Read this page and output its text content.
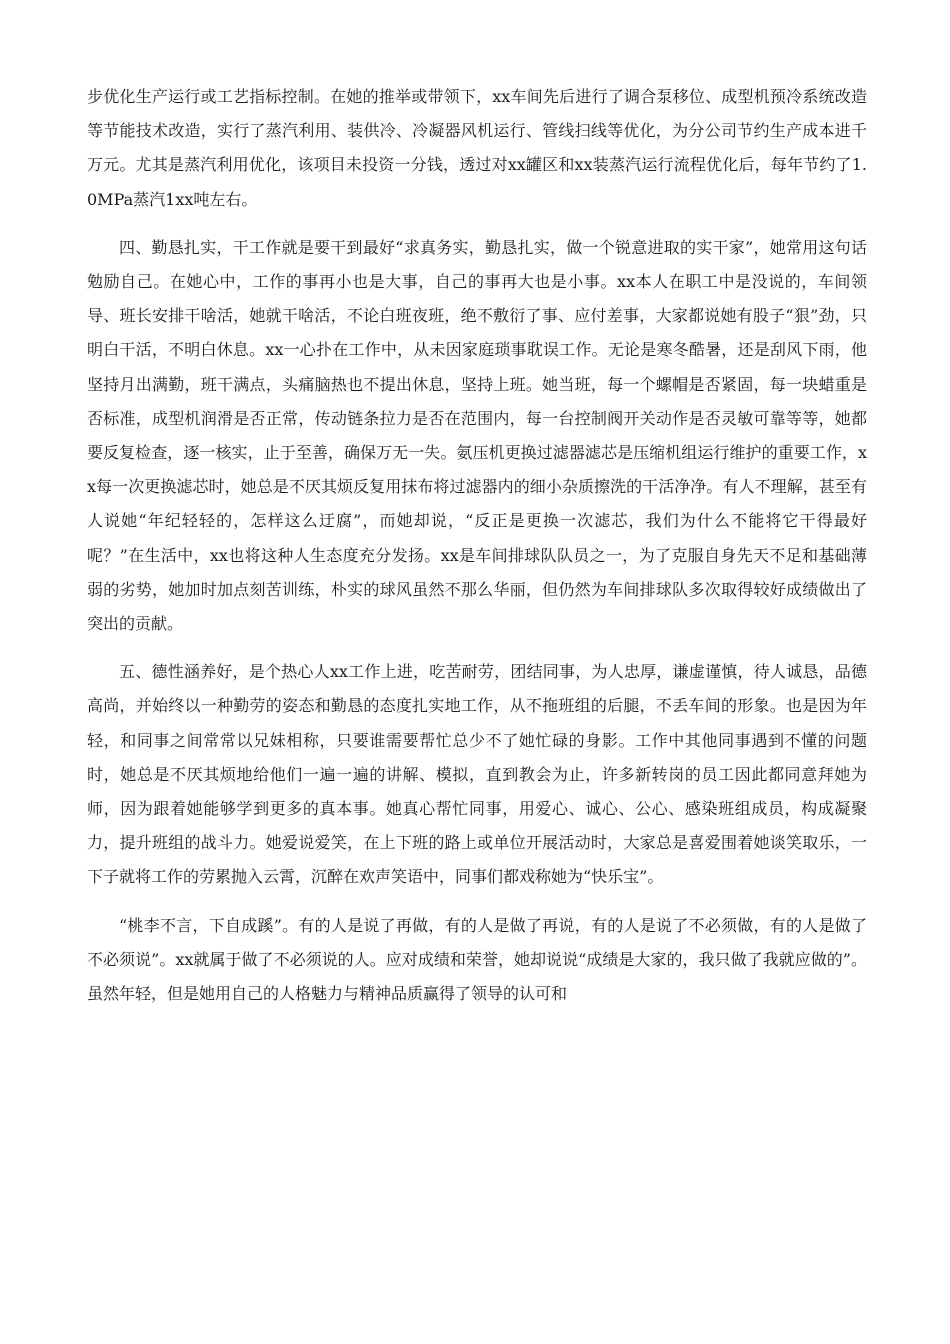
步优化生产运行或工艺指标控制。在她的推举或带领下，xx车间先后进行了调合泵移位、成型机预冷系统改造等节能技术改造，实行了蒸汽利用、装供冷、冷凝器风机运行、管线扫线等优化，为分公司节约生产成本进千万元。尤其是蒸汽利用优化，该项目未投资一分钱，透过对xx罐区和xx装蒸汽运行流程优化后，每年节约了1.0MPa蒸汽1xx吨左右。

四、勤恳扎实，干工作就是要干到最好“求真务实，勤恳扎实，做一个锐意进取的实干家”，她常用这句话勉励自己。在她心中，工作的事再小也是大事，自己的事再大也是小事。xx本人在职工中是没说的，车间领导、班长安排干啥活，她就干啥活，不论白班夜班，绝不敷衍了事、应付差事，大家都说她有股子“狠”劲，只明白干活，不明白休息。xx一心扑在工作中，从未因家庭琐事耽误工作。无论是寒冬酷暑，还是刮风下雨，他坚持月出满勤，班干满点，头痛脑热也不提出休息，坚持上班。她当班，每一个螺帽是否紧固，每一块蜡重是否标准，成型机润滑是否正常，传动链条拉力是否在范围内，每一台控制阀开关动作是否灵敏可靠等等，她都要反复检查，逐一核实，止于至善，确保万无一失。氨压机更换过滤器滤芯是压缩机组运行维护的重要工作，xx每一次更换滤芯时，她总是不厌其烦反复用抹布将过滤器内的细小杂质擦洗的干活净净。有人不理解，甚至有人说她“年纪轻轻的，怎样这么迂腐”，而她却说，“反正是更换一次滤芯，我们为什么不能将它干得最好呢？”在生活中，xx也将这种人生态度充分发扬。xx是车间排球队队员之一，为了克服自身先天不足和基础薄弱的劣势，她加时加点刻苦训练，朴实的球风虽然不那么华丽，但仍然为车间排球队多次取得较好成绩做出了突出的贡献。

五、德性涵养好，是个热心人xx工作上进，吃苦耐劳，团结同事，为人忠厚，谦虚谨慎，待人诚恳，品德高尚，并始终以一种勤劳的姿态和勤恳的态度扎实地工作，从不拖班组的后腿，不丢车间的形象。也是因为年轻，和同事之间常常以兄妹相称，只要谁需要帮忙总少不了她忙碌的身影。工作中其他同事遇到不懂的问题时，她总是不厌其烦地给他们一遍一遍的讲解、模拟，直到教会为止，许多新转岗的员工因此都同意拜她为师，因为跟着她能够学到更多的真本事。她真心帮忙同事，用爱心、诚心、公心、感染班组成员，构成凝聚力，提升班组的战斗力。她爱说爱笑，在上下班的路上或单位开展活动时，大家总是喜爱围着她谈笑取乐，一下子就将工作的劳累抛入云霄，沉醉在欢声笑语中，同事们都戏称她为“快乐宝”。

“桃李不言，下自成蹊”。有的人是说了再做，有的人是做了再说，有的人是说了不必须做，有的人是做了不必须说”。xx就属于做了不必须说的人。应对成绩和荣誉，她却说说“成绩是大家的，我只做了我就应做的”。虽然年轻，但是她用自己的人格魅力与精神品质赢得了领导的认可和
